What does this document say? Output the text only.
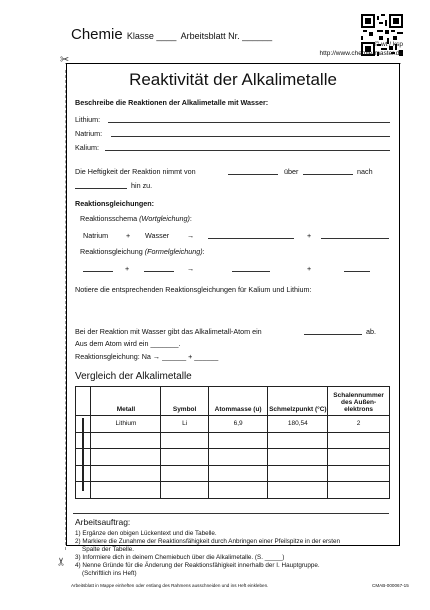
Chemie Klasse ____ Arbeitsblatt Nr. ______
© wt / ksp
http://www.chemie-master.de
✂
✂
Reaktivität der Alkalimetalle
Beschreibe die Reaktionen der Alkalimetalle mit Wasser:
Lithium:
Natrium:
Kalium:
Die Heftigkeit der Reaktion nimmt von	über	nach
hin zu.
Reaktionsgleichungen:
Reaktionsschema (Wortgleichung):
Natrium + Wasser →	+
Reaktionsgleichung (Formelgleichung):
+	→	+
Notiere die entsprechenden Reaktionsgleichungen für Kalium und Lithium:
Bei der Reaktion mit Wasser gibt das Alkalimetall-Atom ein	ab.
Aus dem Atom wird ein _______.
Reaktionsgleichung: Na → ______ + ______
Vergleich der Alkalimetalle
	Metall	Symbol	Atommasse (u)	Schmelzpunkt (°C)	Schalennummer des Außen-elektrons

	Lithium	Li	6,9	180,54	2

Arbeitsauftrag:
1) Ergänze den obigen Lückentext und die Tabelle.
2) Markiere die Zunahme der Reaktionsfähigkeit durch Anbringen einer Pfeilspitze in der ersten
Spalte der Tabelle.
3) Informiere dich in deinem Chemiebuch über die Alkalimetalle. (S. _____)
4) Nenne Gründe für die Änderung der Reaktionsfähigkeit innerhalb der I. Hauptgruppe.
(Schriftlich ins Heft)
Arbeitsblatt in Mappe einheften oder entlang des Rahmens ausschneiden und ins Heft einkleben.	CMAB-000067-15
